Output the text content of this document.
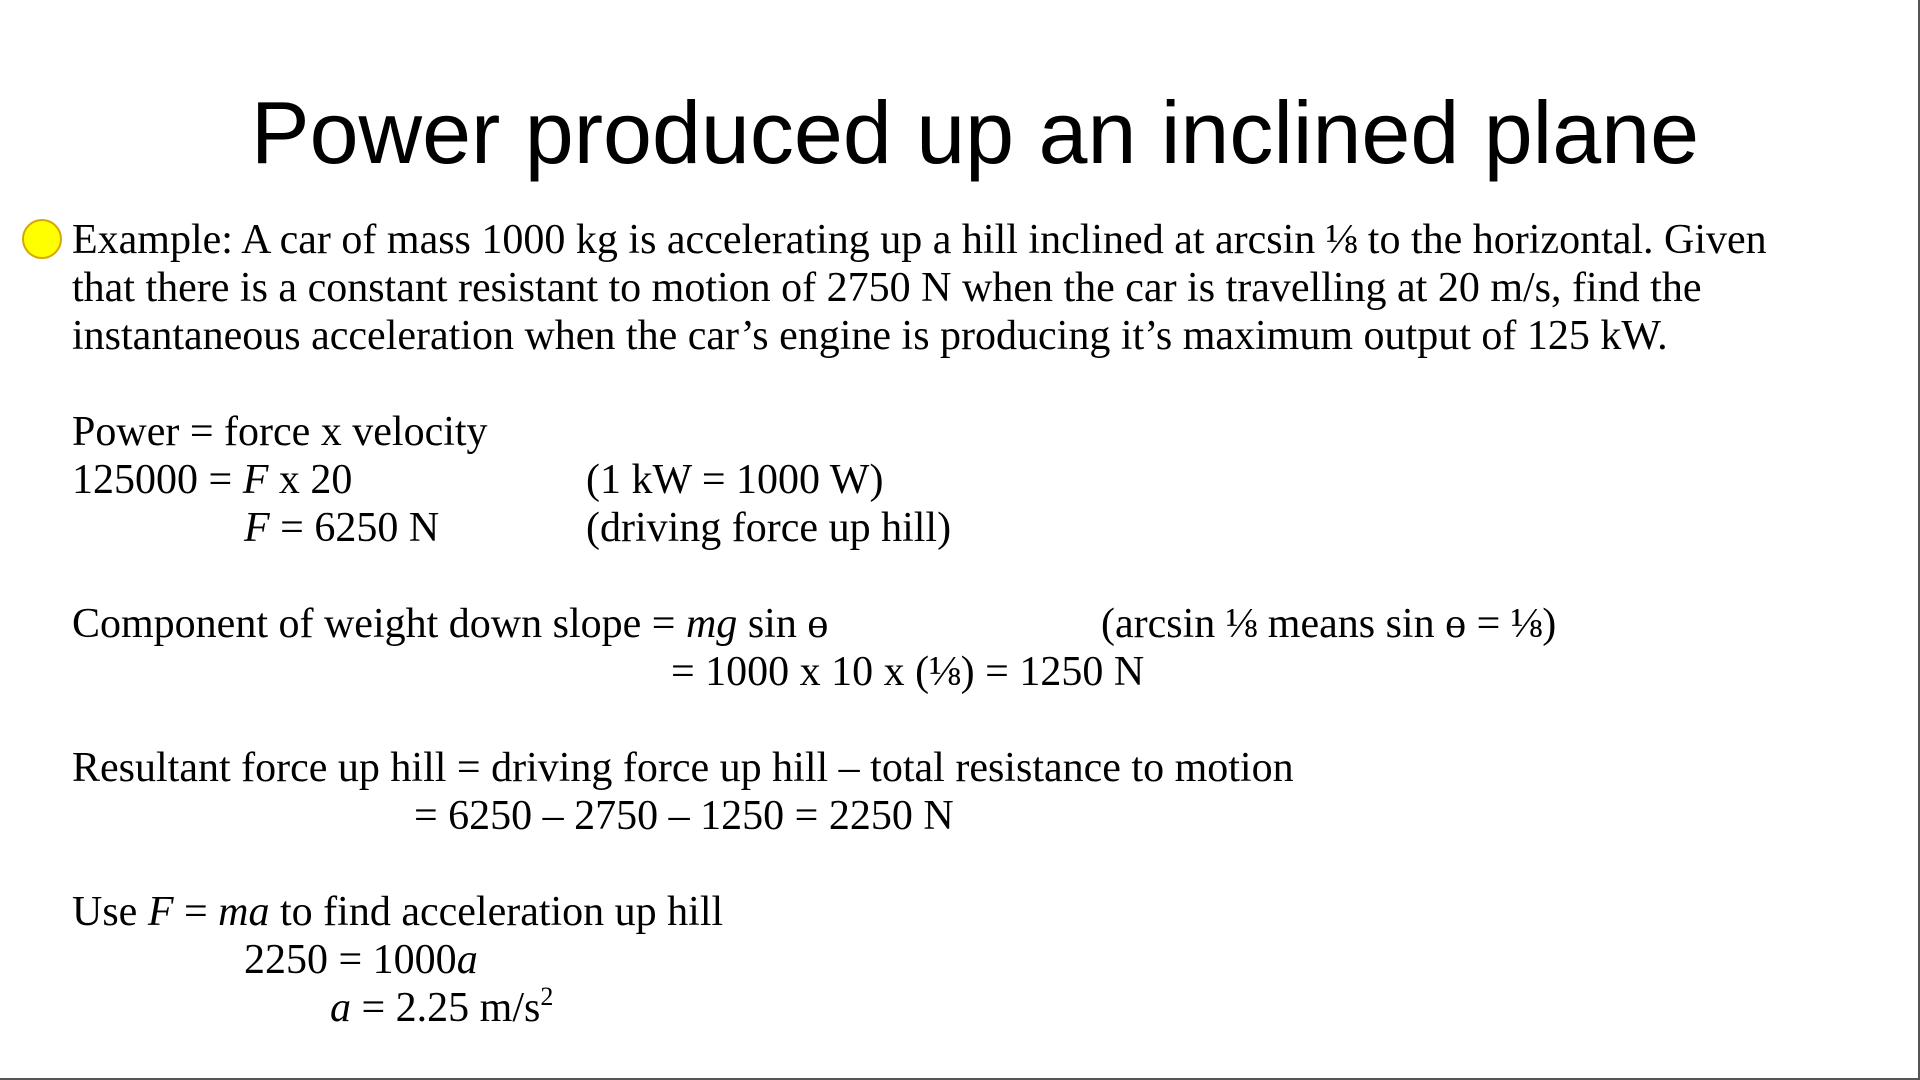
Power produced up an inclined plane
Example: A car of mass 1000 kg is accelerating up a hill inclined at arcsin ⅛ to the horizontal. Given
that there is a constant resistant to motion of 2750 N when the car is travelling at 20 m/s, find the
instantaneous acceleration when the car’s engine is producing it’s maximum output of 125 kW.
Power = force x velocity
125000 = F x 20	(1 kW = 1000 W)
F = 6250 N	(driving force up hill)
Component of weight down slope = mg sin ɵ	(arcsin ⅛ means sin ɵ = ⅛)
= 1000 x 10 x (⅛) = 1250 N
Resultant force up hill = driving force up hill – total resistance to motion
= 6250 – 2750 – 1250 = 2250 N
Use F = ma to find acceleration up hill
2250 = 1000a
a = 2.25 $m/s^2$
